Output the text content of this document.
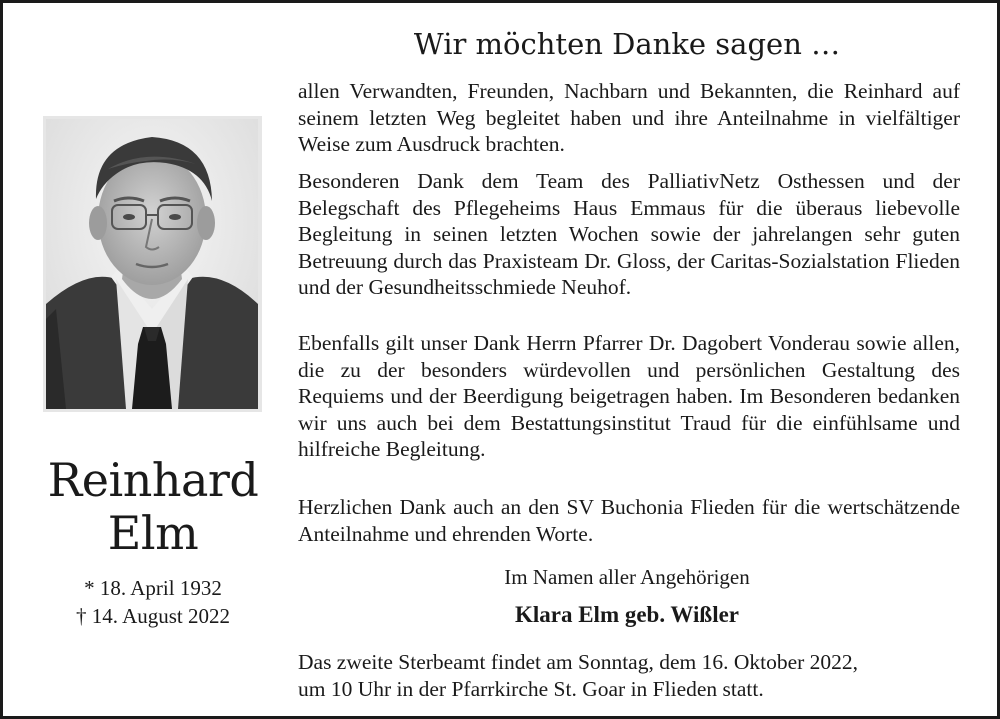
Reinhard
Elm
* 18. April 1932
† 14. August 2022
Wir möchten Danke sagen …
allen Verwandten, Freunden, Nachbarn und Bekannten, die Reinhard auf seinem letzten Weg begleitet haben und ihre Anteilnahme in vielfältiger Weise zum Ausdruck brachten.
Besonderen Dank dem Team des PalliativNetz Osthessen und der Belegschaft des Pflegeheims Haus Emmaus für die überaus liebevolle Begleitung in seinen letzten Wochen sowie der jahrelangen sehr guten Betreuung durch das Praxisteam Dr. Gloss, der Caritas-Sozialstation Flieden und der Gesundheitsschmiede Neuhof.
Ebenfalls gilt unser Dank Herrn Pfarrer Dr. Dagobert Vonderau sowie allen, die zu der besonders würdevollen und persönlichen Gestaltung des Requiems und der Beerdigung beigetragen haben. Im Besonderen bedanken wir uns auch bei dem Bestattungsinstitut Traud für die einfühlsame und hilfreiche Begleitung.
Herzlichen Dank auch an den SV Buchonia Flieden für die wertschätzende Anteilnahme und ehrenden Worte.
Im Namen aller Angehörigen
Klara Elm geb. Wißler
Das zweite Sterbeamt findet am Sonntag, dem 16. Oktober 2022,
um 10 Uhr in der Pfarrkirche St. Goar in Flieden statt.
